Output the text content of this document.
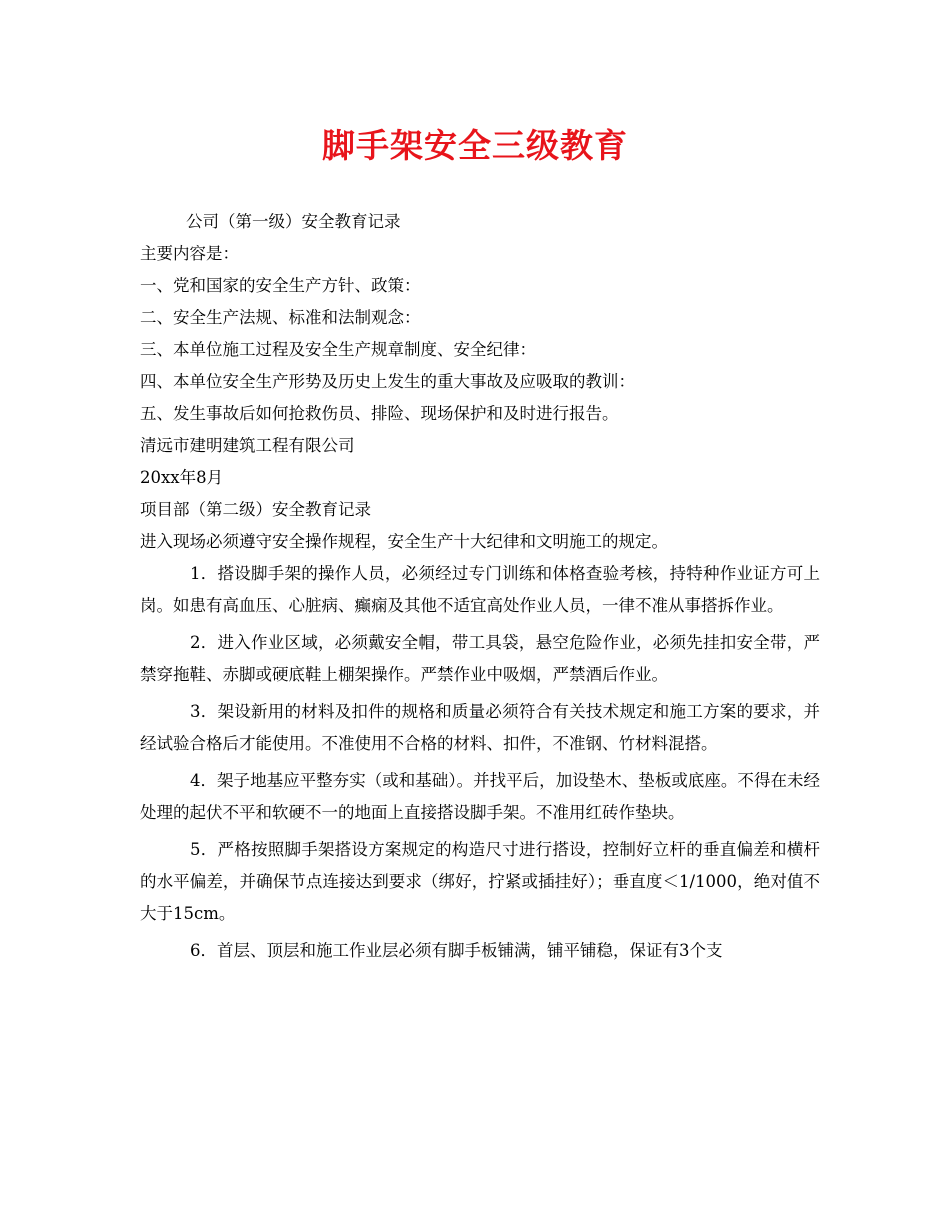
脚手架安全三级教育
公司（第一级）安全教育记录
主要内容是：
一、党和国家的安全生产方针、政策：
二、安全生产法规、标准和法制观念：
三、本单位施工过程及安全生产规章制度、安全纪律：
四、本单位安全生产形势及历史上发生的重大事故及应吸取的教训：
五、发生事故后如何抢救伤员、排险、现场保护和及时进行报告。
清远市建明建筑工程有限公司
20xx年8月
项目部（第二级）安全教育记录
进入现场必须遵守安全操作规程，安全生产十大纪律和文明施工的规定。

1．搭设脚手架的操作人员，必须经过专门训练和体格查验考核，持特种作业证方可上岗。如患有高血压、心脏病、癫痫及其他不适宜高处作业人员，一律不准从事搭拆作业。

2．进入作业区域，必须戴安全帽，带工具袋，悬空危险作业，必须先挂扣安全带，严禁穿拖鞋、赤脚或硬底鞋上棚架操作。严禁作业中吸烟，严禁酒后作业。

3．架设新用的材料及扣件的规格和质量必须符合有关技术规定和施工方案的要求，并经试验合格后才能使用。不准使用不合格的材料、扣件，不准钢、竹材料混搭。

4．架子地基应平整夯实（或和基础）。并找平后，加设垫木、垫板或底座。不得在未经处理的起伏不平和软硬不一的地面上直接搭设脚手架。不准用红砖作垫块。

5．严格按照脚手架搭设方案规定的构造尺寸进行搭设，控制好立杆的垂直偏差和横杆的水平偏差，并确保节点连接达到要求（绑好，拧紧或插挂好）；垂直度＜1/1000，绝对值不大于15cm。

6．首层、顶层和施工作业层必须有脚手板铺满，铺平铺稳，保证有3个支
